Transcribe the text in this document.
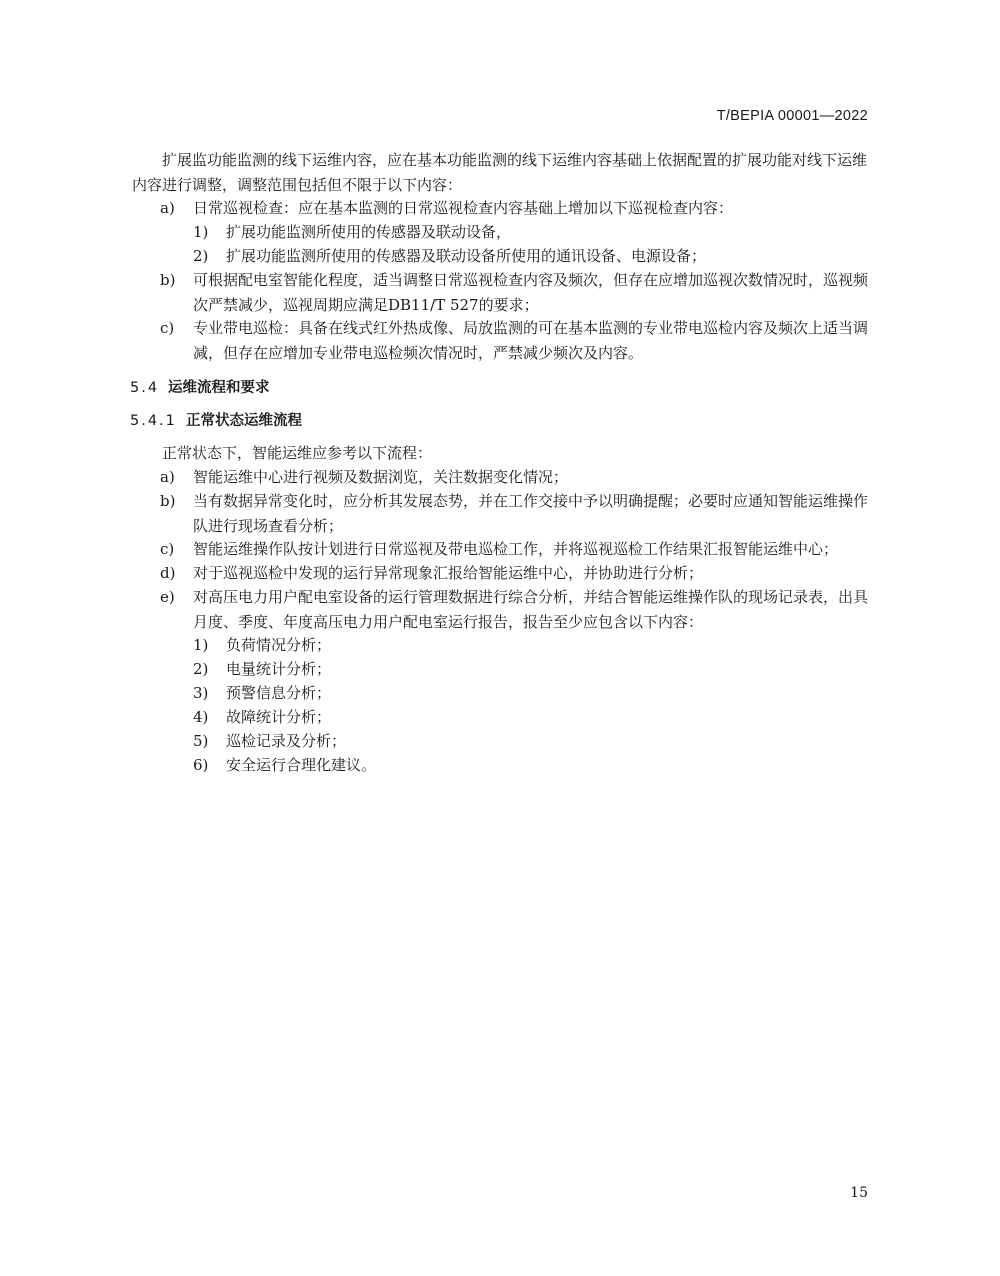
T/BEPIA 00001—2022
扩展监功能监测的线下运维内容，应在基本功能监测的线下运维内容基础上依据配置的扩展功能对线下运维内容进行调整，调整范围包括但不限于以下内容：
a)	日常巡视检查：应在基本监测的日常巡视检查内容基础上增加以下巡视检查内容：
1)	扩展功能监测所使用的传感器及联动设备，
2)	扩展功能监测所使用的传感器及联动设备所使用的通讯设备、电源设备；
b)	可根据配电室智能化程度，适当调整日常巡视检查内容及频次，但存在应增加巡视次数情况时，巡视频次严禁减少，巡视周期应满足DB11/T 527的要求；
c)	专业带电巡检：具备在线式红外热成像、局放监测的可在基本监测的专业带电巡检内容及频次上适当调减，但存在应增加专业带电巡检频次情况时，严禁减少频次及内容。
5.4 运维流程和要求
5.4.1 正常状态运维流程
正常状态下，智能运维应参考以下流程：
a)	智能运维中心进行视频及数据浏览，关注数据变化情况；
b)	当有数据异常变化时，应分析其发展态势，并在工作交接中予以明确提醒；必要时应通知智能运维操作队进行现场查看分析；
c)	智能运维操作队按计划进行日常巡视及带电巡检工作，并将巡视巡检工作结果汇报智能运维中心；
d)	对于巡视巡检中发现的运行异常现象汇报给智能运维中心，并协助进行分析；
e)	对高压电力用户配电室设备的运行管理数据进行综合分析，并结合智能运维操作队的现场记录表，出具月度、季度、年度高压电力用户配电室运行报告，报告至少应包含以下内容：
1)	负荷情况分析；
2)	电量统计分析；
3)	预警信息分析；
4)	故障统计分析；
5)	巡检记录及分析；
6)	安全运行合理化建议。
15
